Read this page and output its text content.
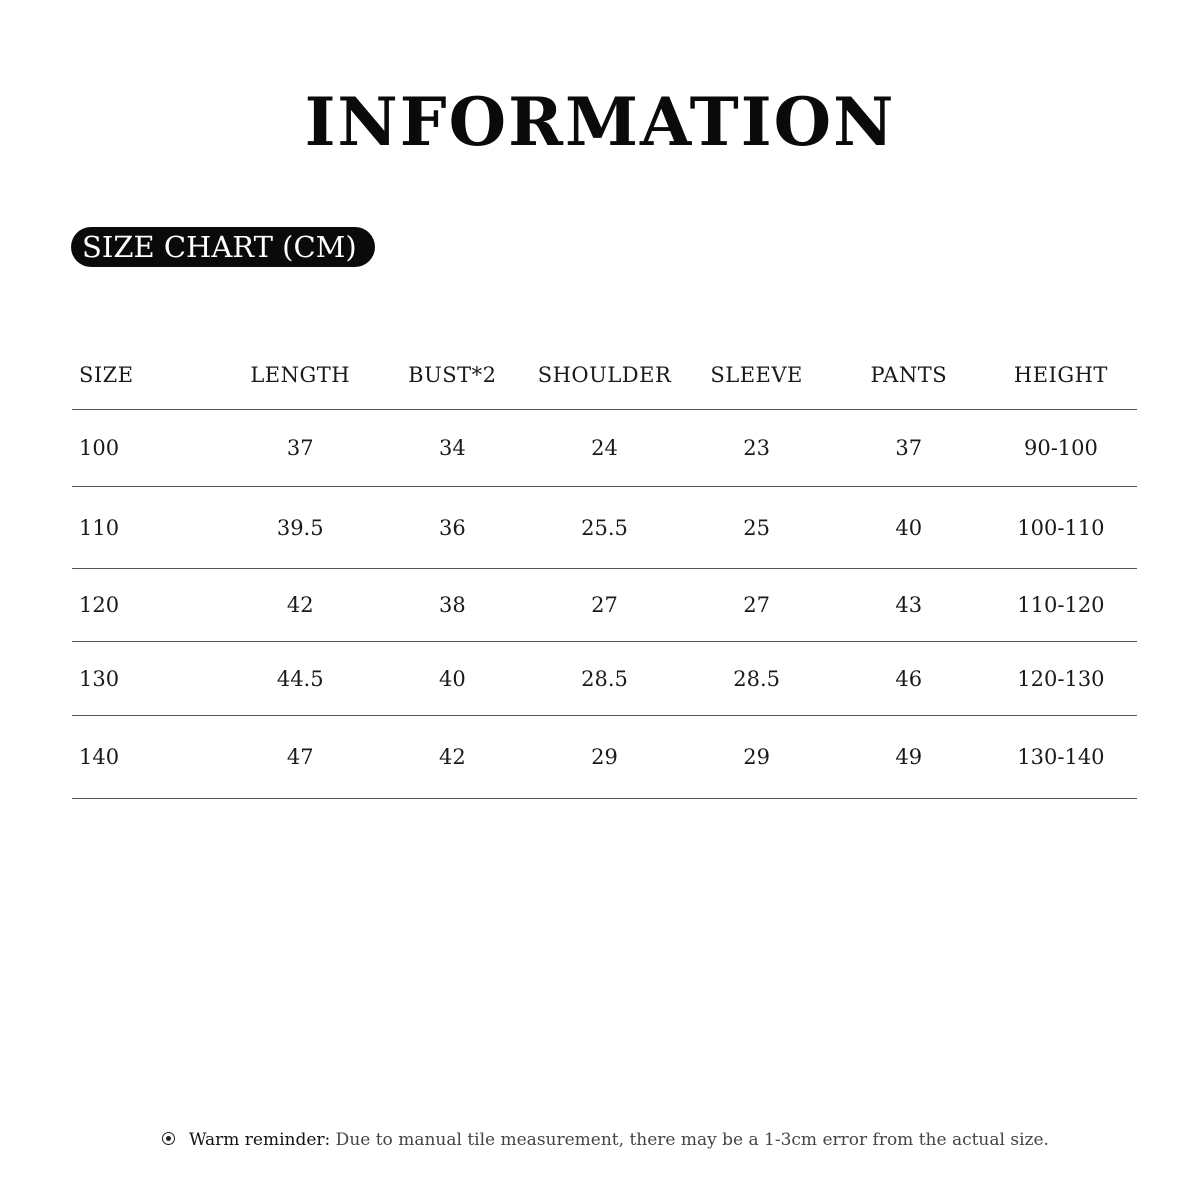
INFORMATION
SIZE CHART (CM)
SIZE	LENGTH	BUST*2	SHOULDER	SLEEVE	PANTS	HEIGHT
100	37	34	24	23	37	90-100
110	39.5	36	25.5	25	40	100-110
120	42	38	27	27	43	110-120
130	44.5	40	28.5	28.5	46	120-130
140	47	42	29	29	49	130-140
Warm reminder: Due to manual tile measurement, there may be a 1-3cm error from the actual size.
